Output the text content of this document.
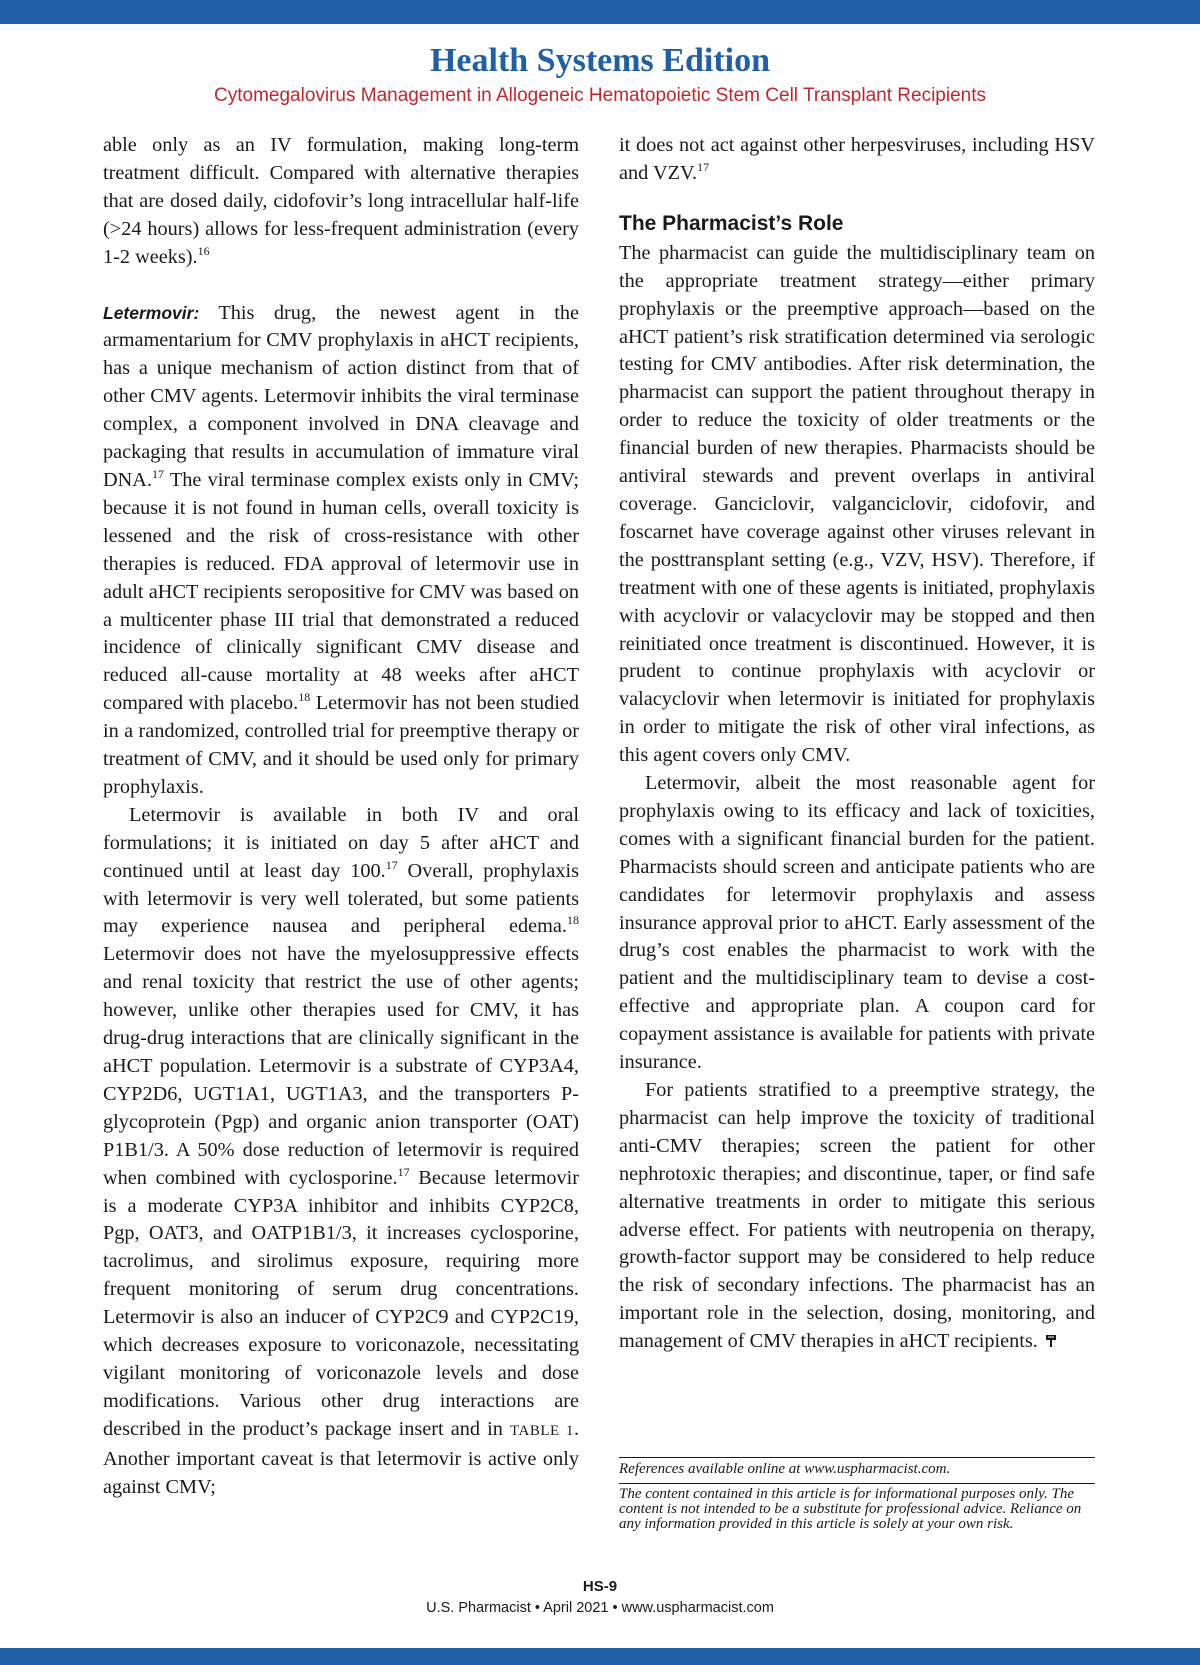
Health Systems Edition
Cytomegalovirus Management in Allogeneic Hematopoietic Stem Cell Transplant Recipients

able only as an IV formulation, making long-term treatment difficult. Compared with alternative therapies that are dosed daily, cidofovir’s long intracellular half-life (>24 hours) allows for less-frequent administration (every 1-2 weeks).$^{16}$

Letermovir: This drug, the newest agent in the armamentarium for CMV prophylaxis in aHCT recipients, has a unique mechanism of action distinct from that of other CMV agents. Letermovir inhibits the viral terminase complex, a component involved in DNA cleavage and packaging that results in accumulation of immature viral DNA.$^{17}$ The viral terminase complex exists only in CMV; because it is not found in human cells, overall toxicity is lessened and the risk of cross-resistance with other therapies is reduced. FDA approval of letermovir use in adult aHCT recipients seropositive for CMV was based on a multicenter phase III trial that demonstrated a reduced incidence of clinically significant CMV disease and reduced all-cause mortality at 48 weeks after aHCT compared with placebo.$^{18}$ Letermovir has not been studied in a randomized, controlled trial for preemptive therapy or treatment of CMV, and it should be used only for primary prophylaxis.

Letermovir is available in both IV and oral formulations; it is initiated on day 5 after aHCT and continued until at least day 100.17 Overall, prophylaxis with letermovir is very well tolerated, but some patients may experience nausea and peripheral edema.$^{18}$ Letermovir does not have the myelosuppressive effects and renal toxicity that restrict the use of other agents; however, unlike other therapies used for CMV, it has drug-drug interactions that are clinically significant in the aHCT population. Letermovir is a substrate of CYP3A4, CYP2D6, UGT1A1, UGT1A3, and the transporters P-glycoprotein (Pgp) and organic anion transporter (OAT) P1B1/3. A 50% dose reduction of letermovir is required when combined with cyclosporine.$^{17}$ Because letermovir is a moderate CYP3A inhibitor and inhibits CYP2C8, Pgp, OAT3, and OATP1B1/3, it increases cyclosporine, tacrolimus, and sirolimus exposure, requiring more frequent monitoring of serum drug concentrations. Letermovir is also an inducer of CYP2C9 and CYP2C19, which decreases exposure to voriconazole, necessitating vigilant monitoring of voriconazole levels and dose modifications. Various other drug interactions are described in the product’s package insert and in TABLE 1. Another important caveat is that letermovir is active only against CMV;

it does not act against other herpesviruses, including HSV and VZV.$^{17}$

The Pharmacist’s Role

The pharmacist can guide the multidisciplinary team on the appropriate treatment strategy—either primary prophylaxis or the preemptive approach—based on the aHCT patient’s risk stratification determined via serologic testing for CMV antibodies. After risk determination, the pharmacist can support the patient throughout therapy in order to reduce the toxicity of older treatments or the financial burden of new therapies. Pharmacists should be antiviral stewards and prevent overlaps in antiviral coverage. Ganciclovir, valganciclovir, cidofovir, and foscarnet have coverage against other viruses relevant in the posttransplant setting (e.g., VZV, HSV). Therefore, if treatment with one of these agents is initiated, prophylaxis with acyclovir or valacyclovir may be stopped and then reinitiated once treatment is discontinued. However, it is prudent to continue prophylaxis with acyclovir or valacyclovir when letermovir is initiated for prophylaxis in order to mitigate the risk of other viral infections, as this agent covers only CMV.

Letermovir, albeit the most reasonable agent for prophylaxis owing to its efficacy and lack of toxicities, comes with a significant financial burden for the patient. Pharmacists should screen and anticipate patients who are candidates for letermovir prophylaxis and assess insurance approval prior to aHCT. Early assessment of the drug’s cost enables the pharmacist to work with the patient and the multidisciplinary team to devise a cost-effective and appropriate plan. A coupon card for copayment assistance is available for patients with private insurance.

For patients stratified to a preemptive strategy, the pharmacist can help improve the toxicity of traditional anti-CMV therapies; screen the patient for other nephrotoxic therapies; and discontinue, taper, or find safe alternative treatments in order to mitigate this serious adverse effect. For patients with neutropenia on therapy, growth-factor support may be considered to help reduce the risk of secondary infections. The pharmacist has an important role in the selection, dosing, monitoring, and management of CMV therapies in aHCT recipients.

References available online at www.uspharmacist.com.
The content contained in this article is for informational purposes only. The content is not intended to be a substitute for professional advice. Reliance on any information provided in this article is solely at your own risk.
HS-9
U.S. Pharmacist • April 2021 • www.uspharmacist.com
